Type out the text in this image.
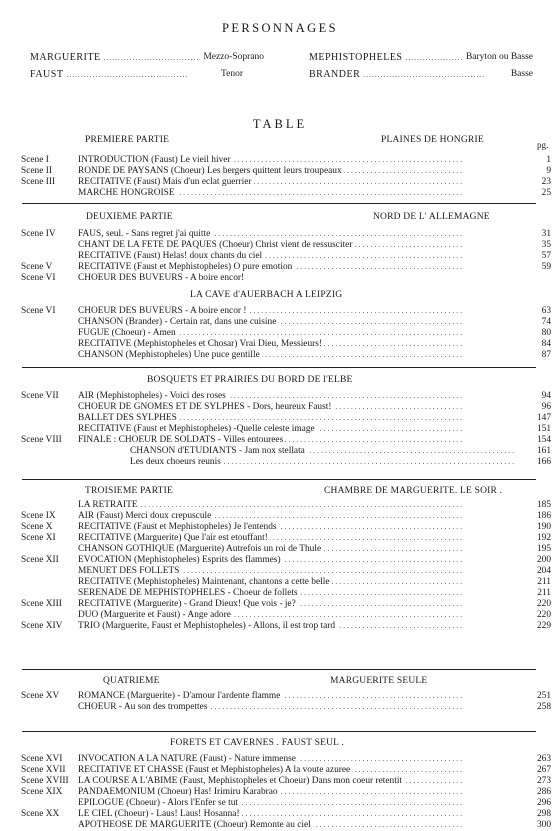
PERSONNAGES
MARGUERITE . . .	Mezzo-Soprano	MEPHISTOPHELES . . .	Baryton ou Basse
FAUST . . .	Tenor	BRANDER . . .	Basse
TABLE
pg.
PREMIERE PARTIE	PLAINES DE HONGRIE
DEUXIEME PARTIE	NORD DE L' ALLEMAGNE
LA CAVE d'AUERBACH A LEIPZIG
BOSQUETS ET PRAIRIES DU BORD DE l'ELBE
TROISIEME PARTIE	CHAMBRE DE MARGUERITE. LE SOIR .
QUATRIEME	MARGUERITE SEULE
FORETS ET CAVERNES . FAUST SEUL .
Scene I	INTRODUCTION (Faust) Le vieil hiver . . .	1
Scene II	RONDE DE PAYSANS (Choeur) Les bergers quittent leurs troupeaux . . .	9
Scene III RECITATIVE (Faust) Mais d'un eclat guerrier . . .	23
MARCHE HONGROISE . . .	25
Scene IV FAUS, seul. - Sans regret j'ai quitte . . .	31
CHANT DE LA FETE DE PAQUES (Choeur) Christ vient de ressusciter . . .	35
RECITATIVE (Faust) Helas! doux chants du ciel . . .	57
Scene V	RECITATIVE (Faust et Mephistopheles) O pure emotion . . .	59
Scene VI CHOEUR DES BUVEURS - A boire encor!
Scene VI CHOEUR DES BUVEURS - A boire encor ! . . .	63
CHANSON (Brander) - Certain rat, dans une cuisine . . .	74
FUGUE (Choeur) - Amen . . .	80
RECITATIVE (Mephistopheles et Chosar) Vrai Dieu, Messieurs! . . .	84
CHANSON (Mephistopheles) Une puce gentille . . .	87
Scene VII AIR (Mephistopheles) - Voici des roses . . .	94
CHOEUR DE GNOMES ET DE SYLPHES - Dors, heureux Faust! . . .	96
BALLET DES SYLPHES . . .	147
RECITATIVE (Faust et Mephistopheles) -Quelle celeste image . . .	151
Scene VIII FINALE : CHOEUR DE SOLDATS - Villes entourees . . .	154
CHANSON d'ETUDIANTS - Jam nox stellata . . .	161
Les deux choeurs reunis . . .	166
LA RETRAITE . . .	185
Scene IX AIR (Faust) Merci doux crepuscule . . .	186
Scene X	RECITATIVE (Faust et Mephistopheles) Je l'entends . . .	190
Scene XI RECITATIVE (Marguerite) Que l'air est etouffant! . . .	192
CHANSON GOTHIQUE (Marguerite) Autrefois un roi de Thule . . .	195
Scene XII EVOCATION (Mephistopheles) Esprits des flammes) . . .	200
MENUET DES FOLLETS . . .	204
RECITATIVE (Mephistopheles) Maintenant, chantons a cette belle . . .	211
SERENADE DE MEPHISTOPHELES - Choeur de follets . . .	211
Scene XIII RECITATIVE (Marguerite) - Grand Dieux! Que vois - je? . . .	220
DUO (Marguerite et Faust) - Ange adore . . .	220
Scene XIV TRIO (Marguerite, Faust et Mephistopheles) - Allons, il est trop tard . . .	229
Scene XV ROMANCE (Marguerite) - D'amour l'ardente flamme . . .	251
CHOEUR - Au son des trompettes . . .	258
Scene XVI INVOCATION A LA NATURE (Faust) - Nature immense . . .	263
Scene XVII RECITATIVE ET CHASSE (Faust et Mephistopheles) A la voute azuree . . .	267
Scene XVIII LA COURSE A L'ABIME (Faust, Mephistopheles et Choeur) Dans mon coeur retentit . . .	273
Scene XIX PANDAEMONIUM (Choeur) Has! Irimiru Karabrao . . .	286
EPILOGUE (Choeur) - Alors l'Enfer se tut . . .	296
Scene XX LE CIEL (Choeur) - Laus! Laus! Hosanna! . . .	298
APOTHEOSE DE MARGUERITE (Choeur) Remonte au ciel . . .	300
